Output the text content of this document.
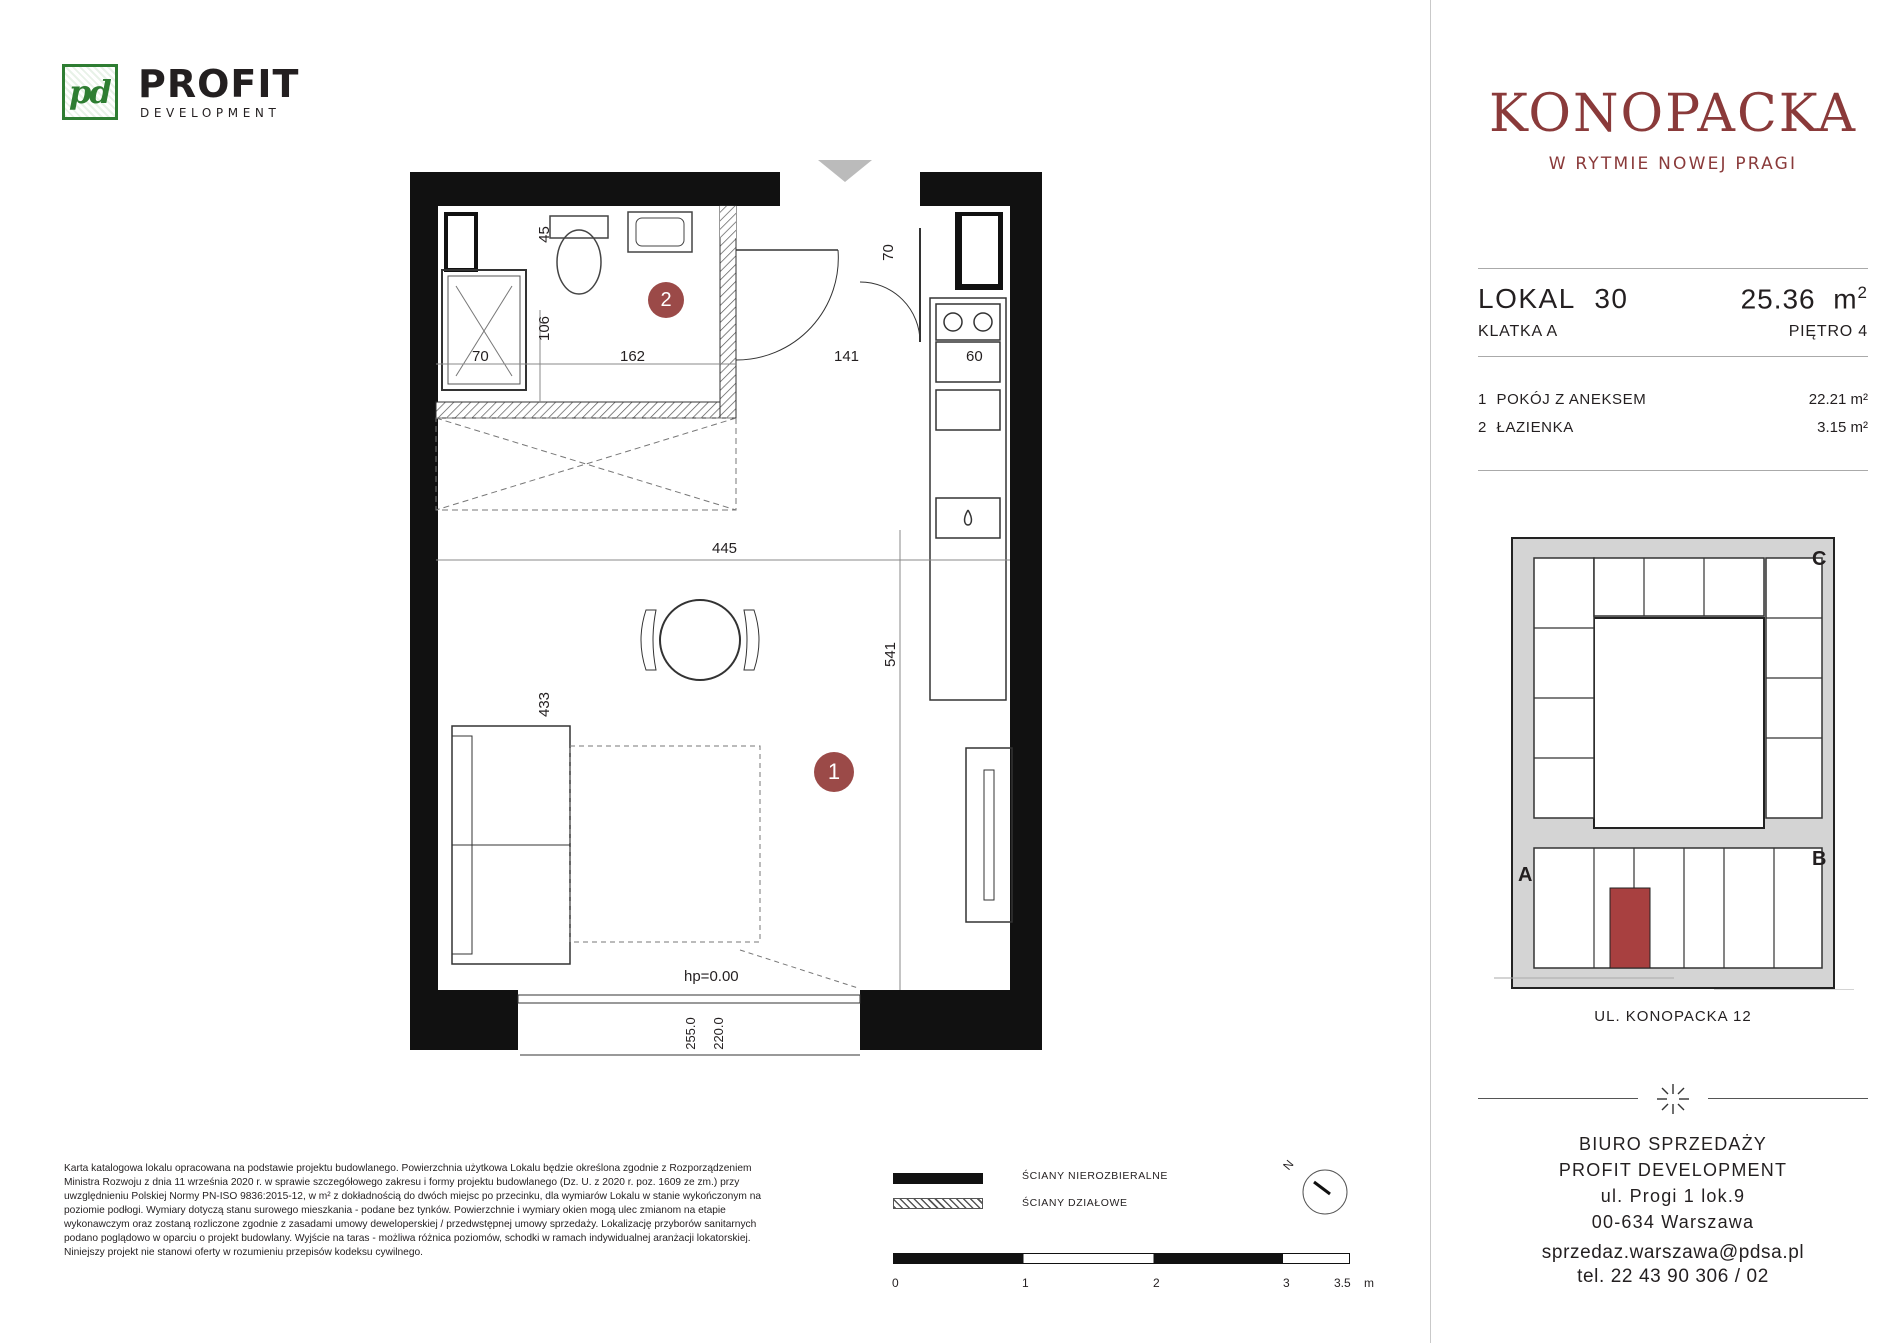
pd PROFIT
DEVELOPMENT
45
70
106
70	162	141	60
445
541
433
255.0 220.0
hp=0.00
2
1
KONOPACKA
W RYTMIE NOWEJ PRAGI
LOKAL 30	25.36 $m^2$
KLATKA A	PIĘTRO 4
1 POKÓJ Z ANEKSEM	22.21 m²
2 ŁAZIENKA	3.15 m²
A
B
C
UL. KONOPACKA 12
BIURO SPRZEDAŻY
PROFIT DEVELOPMENT
ul. Progi 1 lok.9
00-634 Warszawa
sprzedaz.warszawa@pdsa.pl
tel. 22 43 90 306 / 02
Karta katalogowa lokalu opracowana na podstawie projektu budowlanego. Powierzchnia użytkowa Lokalu będzie określona zgodnie z Rozporządzeniem Ministra Rozwoju z dnia 11 września 2020 r. w sprawie szczegółowego zakresu i formy projektu budowlanego (Dz. U. z 2020 r. poz. 1609 ze zm.) przy uwzględnieniu Polskiej Normy PN-ISO 9836:2015-12, w m² z dokładnością do dwóch miejsc po przecinku, dla wymiarów Lokalu w stanie wykończonym na poziomie podłogi. Wymiary dotyczą stanu surowego mieszkania - podane bez tynków. Powierzchnie i wymiary okien mogą ulec zmianom na etapie wykonawczym oraz zostaną rozliczone zgodnie z zasadami umowy deweloperskiej / przedwstępnej umowy sprzedaży. Lokalizację przyborów sanitarnych podano poglądowo w oparciu o projekt budowlany. Wyjście na taras - możliwa różnica poziomów, schodki w ramach indywidualnej aranżacji lokatorskiej. Niniejszy projekt nie stanowi oferty w rozumieniu przepisów kodeksu cywilnego.
ŚCIANY NIEROZBIERALNE
ŚCIANY DZIAŁOWE
N
0	1	2	3	3.5 m
